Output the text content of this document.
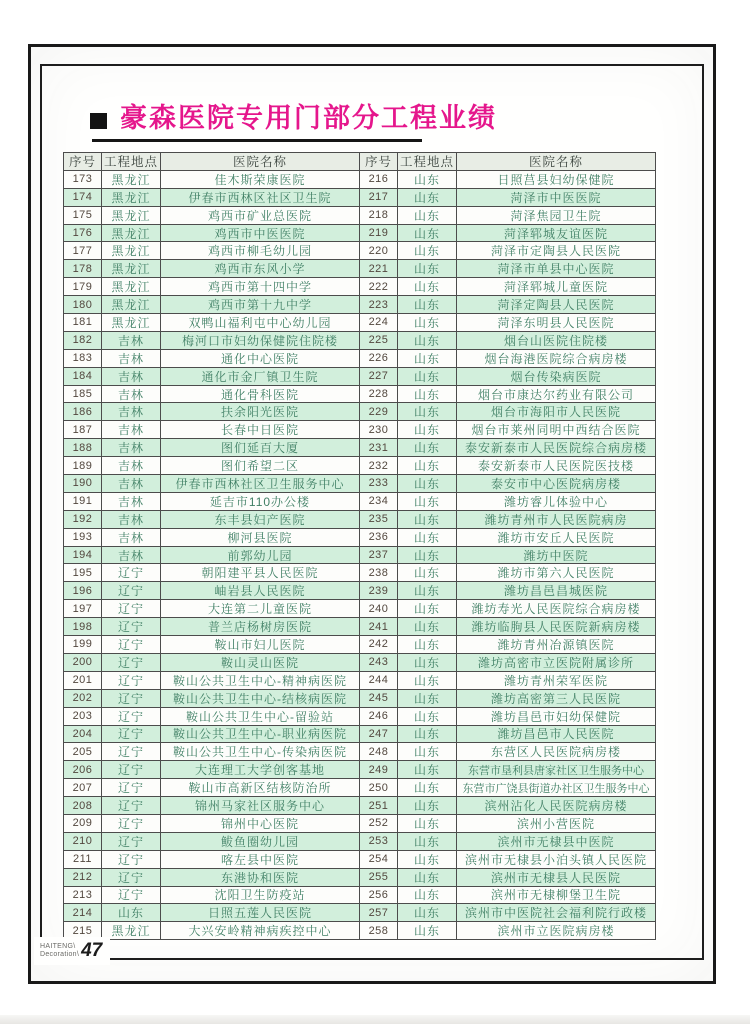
豪森医院专用门部分工程业绩
序号 工程地点	医院名称	序号 工程地点	医院名称
173	黑龙江	佳木斯荣康医院	216	山东	日照莒县妇幼保健院
174	黑龙江	伊春市西林区社区卫生院	217	山东	菏泽市中医医院
175	黑龙江	鸡西市矿业总医院	218	山东	菏泽焦园卫生院
176	黑龙江	鸡西市中医医院	219	山东	菏泽郓城友谊医院
177	黑龙江	鸡西市柳毛幼儿园	220	山东	菏泽市定陶县人民医院
178	黑龙江	鸡西市东风小学	221	山东	菏泽市单县中心医院
179	黑龙江	鸡西市第十四中学	222	山东	菏泽郓城儿童医院
180	黑龙江	鸡西市第十九中学	223	山东	菏泽定陶县人民医院
181	黑龙江	双鸭山福利屯中心幼儿园	224	山东	菏泽东明县人民医院
182	吉林	梅河口市妇幼保健院住院楼	225	山东	烟台山医院住院楼
183	吉林	通化中心医院	226	山东	烟台海港医院综合病房楼
184	吉林	通化市金厂镇卫生院	227	山东	烟台传染病医院
185	吉林	通化骨科医院	228	山东	烟台市康达尔药业有限公司
186	吉林	扶余阳光医院	229	山东	烟台市海阳市人民医院
187	吉林	长春中日医院	230	山东	烟台市莱州同明中西结合医院
188	吉林	图们延百大厦	231	山东	泰安新泰市人民医院综合病房楼
189	吉林	图们希望二区	232	山东	泰安新泰市人民医院医技楼
190	吉林	伊春市西林社区卫生服务中心	233	山东	泰安市中心医院病房楼
191	吉林	延吉市110办公楼	234	山东	潍坊睿儿体验中心
192	吉林	东丰县妇产医院	235	山东	潍坊青州市人民医院病房
193	吉林	柳河县医院	236	山东	潍坊市安丘人民医院
194	吉林	前郭幼儿园	237	山东	潍坊中医院
195	辽宁	朝阳建平县人民医院	238	山东	潍坊市第六人民医院
196	辽宁	岫岩县人民医院	239	山东	潍坊昌邑昌城医院
197	辽宁	大连第二儿童医院	240	山东	潍坊寿光人民医院综合病房楼
198	辽宁	普兰店杨树房医院	241	山东	潍坊临朐县人民医院新病房楼
199	辽宁	鞍山市妇儿医院	242	山东	潍坊青州冶源镇医院
200	辽宁	鞍山灵山医院	243	山东	潍坊高密市立医院附属诊所
201	辽宁	鞍山公共卫生中心-精神病医院	244	山东	潍坊青州荣军医院
202	辽宁	鞍山公共卫生中心-结核病医院	245	山东	潍坊高密第三人民医院
203	辽宁	鞍山公共卫生中心-留验站	246	山东	潍坊昌邑市妇幼保健院
204	辽宁	鞍山公共卫生中心-职业病医院	247	山东	潍坊昌邑市人民医院
205	辽宁	鞍山公共卫生中心-传染病医院	248	山东	东营区人民医院病房楼
206	辽宁	大连理工大学创客基地	249	山东	东营市垦利县唐家社区卫生服务中心
207	辽宁	鞍山市高新区结核防治所	250	山东	东营市广饶县街道办社区卫生服务中心
208	辽宁	锦州马家社区服务中心	251	山东	滨州沾化人民医院病房楼
209	辽宁	锦州中心医院	252	山东	滨州小营医院
210	辽宁	鲅鱼圈幼儿园	253	山东	滨州市无棣县中医院
211	辽宁	喀左县中医院	254	山东	滨州市无棣县小泊头镇人民医院
212	辽宁	东港协和医院	255	山东	滨州市无棣县人民医院
213	辽宁	沈阳卫生防疫站	256	山东	滨州市无棣柳堡卫生院
214	山东	日照五莲人民医院	257	山东	滨州市中医院社会福利院行政楼
215	黑龙江	大兴安岭精神病疾控中心	258	山东	滨州市立医院病房楼
HAITENG\
Decoration\ 47
